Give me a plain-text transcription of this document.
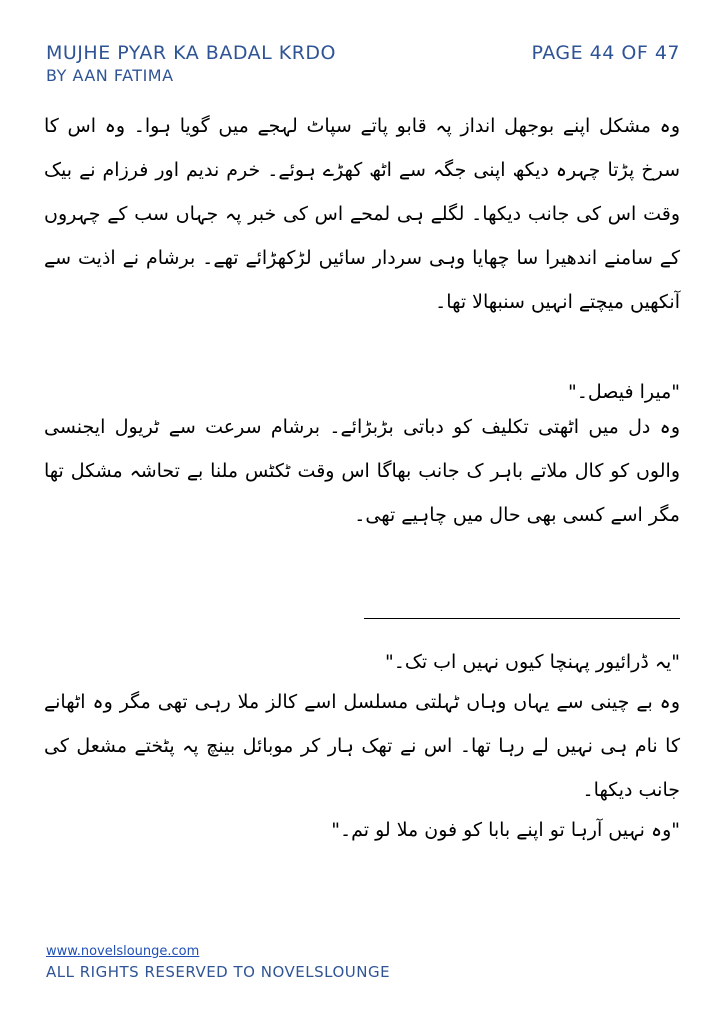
MUJHE PYAR KA BADAL KRDO
BY AAN FATIMA
PAGE 44 OF 47

وہ مشکل اپنے بوجھل انداز پہ قابو پاتے سپاٹ لہجے میں گویا ہوا۔ وہ اس کا سرخ پڑتا چہرہ دیکھ اپنی جگہ سے اٹھ کھڑے ہوئے۔ خرم ندیم اور فرزام نے بیک وقت اس کی جانب دیکھا۔ لگلے ہی لمحے اس کی خبر پہ جہاں سب کے چہروں کے سامنے اندھیرا سا چھایا وہی سردار سائیں لڑکھڑائے تھے۔ برشام نے اذیت سے آنکھیں میچتے انہیں سنبھالا تھا۔

"میرا فیصل۔"

وہ دل میں اٹھتی تکلیف کو دباتی بڑبڑائے۔ برشام سرعت سے ٹریول ایجنسی والوں کو کال ملاتے باہر ک جانب بھاگا اس وقت ٹکٹس ملنا بے تحاشہ مشکل تھا مگر اسے کسی بھی حال میں چاہیے تھی۔

"یہ ڈرائیور پہنچا کیوں نہیں اب تک۔"

وہ بے چینی سے یہاں وہاں ٹہلتی مسلسل اسے کالز ملا رہی تھی مگر وہ اٹھانے کا نام ہی نہیں لے رہا تھا۔ اس نے تھک ہار کر موبائل بینچ پہ پٹختے مشعل کی جانب دیکھا۔

"وہ نہیں آرہا تو اپنے بابا کو فون ملا لو تم۔"

www.novelslounge.com
ALL RIGHTS RESERVED TO NOVELSLOUNGE
